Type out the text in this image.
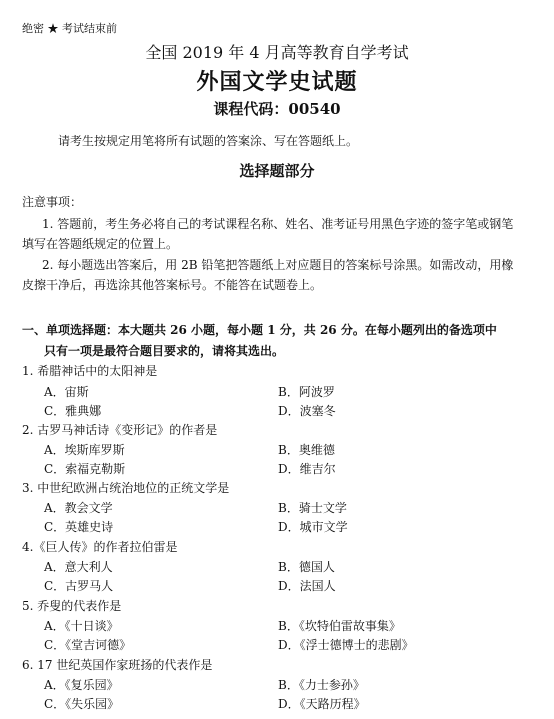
绝密 ★ 考试结束前
全国 2019 年 4 月高等教育自学考试
外国文学史试题
课程代码：00540
请考生按规定用笔将所有试题的答案涂、写在答题纸上。
选择题部分
注意事项：
1. 答题前，考生务必将自己的考试课程名称、姓名、准考证号用黑色字迹的签字笔或钢笔
填写在答题纸规定的位置上。
2. 每小题选出答案后，用 2B 铅笔把答题纸上对应题目的答案标号涂黑。如需改动，用橡
皮擦干净后，再选涂其他答案标号。不能答在试题卷上。
一、单项选择题：本大题共 26 小题，每小题 1 分，共 26 分。在每小题列出的备选项中
只有一项是最符合题目要求的，请将其选出。
1. 希腊神话中的太阳神是
A．宙斯	B．阿波罗
C．雅典娜	D．波塞冬
2. 古罗马神话诗《变形记》的作者是
A．埃斯库罗斯	B．奥维德
C．索福克勒斯	D．维吉尔
3. 中世纪欧洲占统治地位的正统文学是
A．教会文学	B．骑士文学
C．英雄史诗	D．城市文学
4.《巨人传》的作者拉伯雷是
A．意大利人	B．德国人
C．古罗马人	D．法国人
5. 乔叟的代表作是
A．《十日谈》	B．《坎特伯雷故事集》
C．《堂吉诃德》	D．《浮士德博士的悲剧》
6. 17 世纪英国作家班扬的代表作是
A．《复乐园》	B．《力士参孙》
C．《失乐园》	D．《天路历程》
